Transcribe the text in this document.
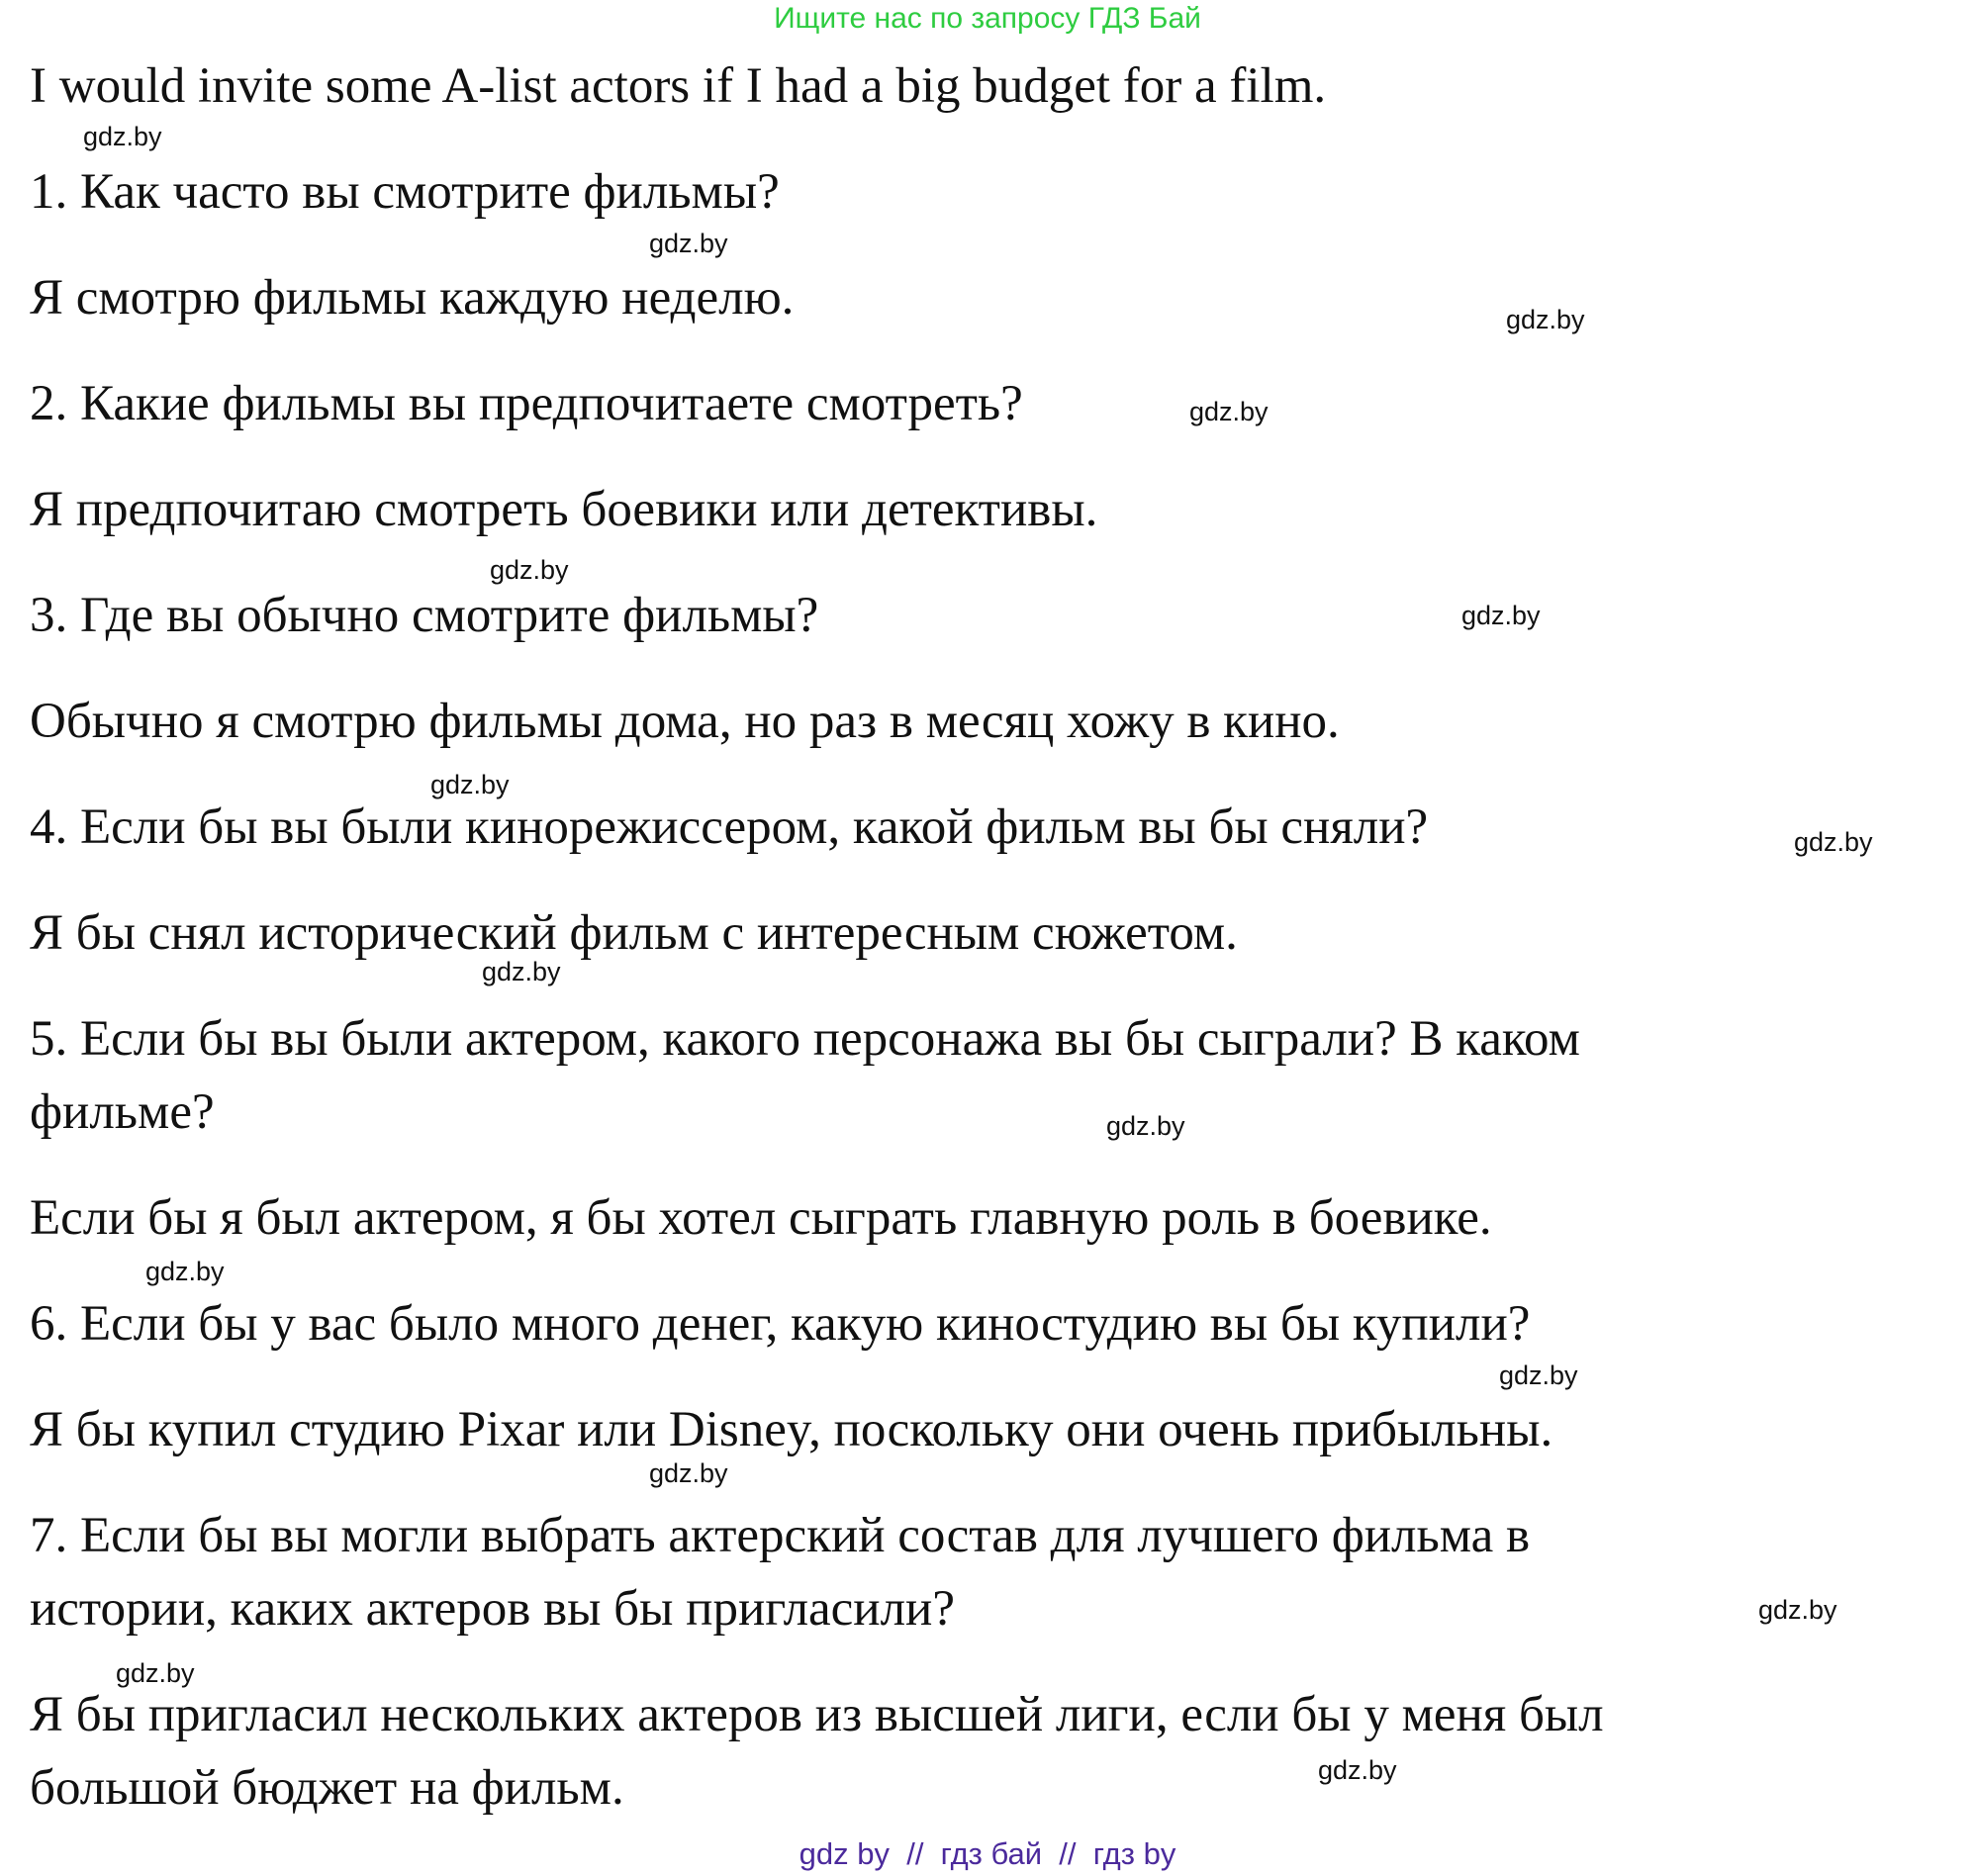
Ищите нас по запросу ГДЗ Бай
I would invite some A-list actors if I had a big budget for a film.
1. Как часто вы смотрите фильмы?
Я смотрю фильмы каждую неделю.
2. Какие фильмы вы предпочитаете смотреть?
Я предпочитаю смотреть боевики или детективы.
3. Где вы обычно смотрите фильмы?
Обычно я смотрю фильмы дома, но раз в месяц хожу в кино.
4. Если бы вы были кинорежиссером, какой фильм вы бы сняли?
Я бы снял исторический фильм с интересным сюжетом.
5. Если бы вы были актером, какого персонажа вы бы сыграли? В каком
фильме?
Если бы я был актером, я бы хотел сыграть главную роль в боевике.
6. Если бы у вас было много денег, какую киностудию вы бы купили?
Я бы купил студию Pixar или Disney, поскольку они очень прибыльны.
7. Если бы вы могли выбрать актерский состав для лучшего фильма в
истории, каких актеров вы бы пригласили?
Я бы пригласил нескольких актеров из высшей лиги, если бы у меня был
большой бюджет на фильм.
gdz.by
gdz.by
gdz.by
gdz.by
gdz.by
gdz.by
gdz.by
gdz.by
gdz.by
gdz.by
gdz.by
gdz.by
gdz.by
gdz.by
gdz.by
gdz.by
gdz by  //  гдз бай  //  гдз by
